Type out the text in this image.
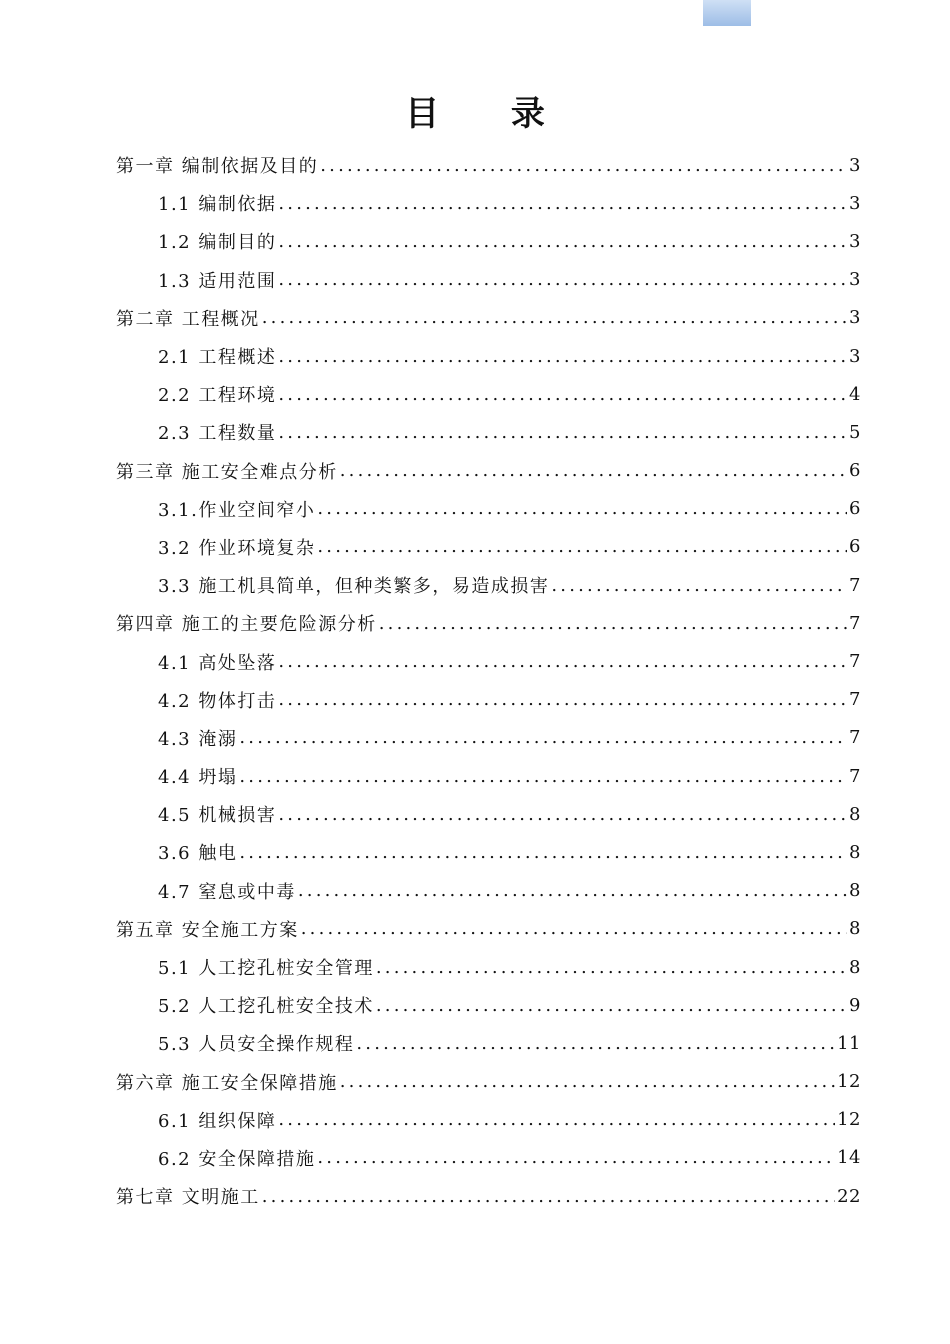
目 录
第一章 编制依据及目的 .....	3
1.1 编制依据 .....	3
1.2 编制目的 .....	3
1.3 适用范围 .....	3
第二章 工程概况 .....	3
2.1 工程概述 .....	3
2.2 工程环境 .....	4
2.3 工程数量 .....	5
第三章 施工安全难点分析 .....	6
3.1.作业空间窄小 .....	6
3.2 作业环境复杂 .....	6
3.3 施工机具简单，但种类繁多，易造成损害 .....	7
第四章 施工的主要危险源分析 .....	7
4.1 高处坠落 .....	7
4.2 物体打击 .....	7
4.3 淹溺 .....	7
4.4 坍塌 .....	7
4.5 机械损害 .....	8
3.6 触电 .....	8
4.7 窒息或中毒 .....	8
第五章 安全施工方案 .....	8
5.1 人工挖孔桩安全管理 .....	8
5.2 人工挖孔桩安全技术 .....	9
5.3 人员安全操作规程 .....	11
第六章 施工安全保障措施 .....	12
6.1 组织保障 .....	12
6.2 安全保障措施 .....	14
第七章 文明施工 .....	22
